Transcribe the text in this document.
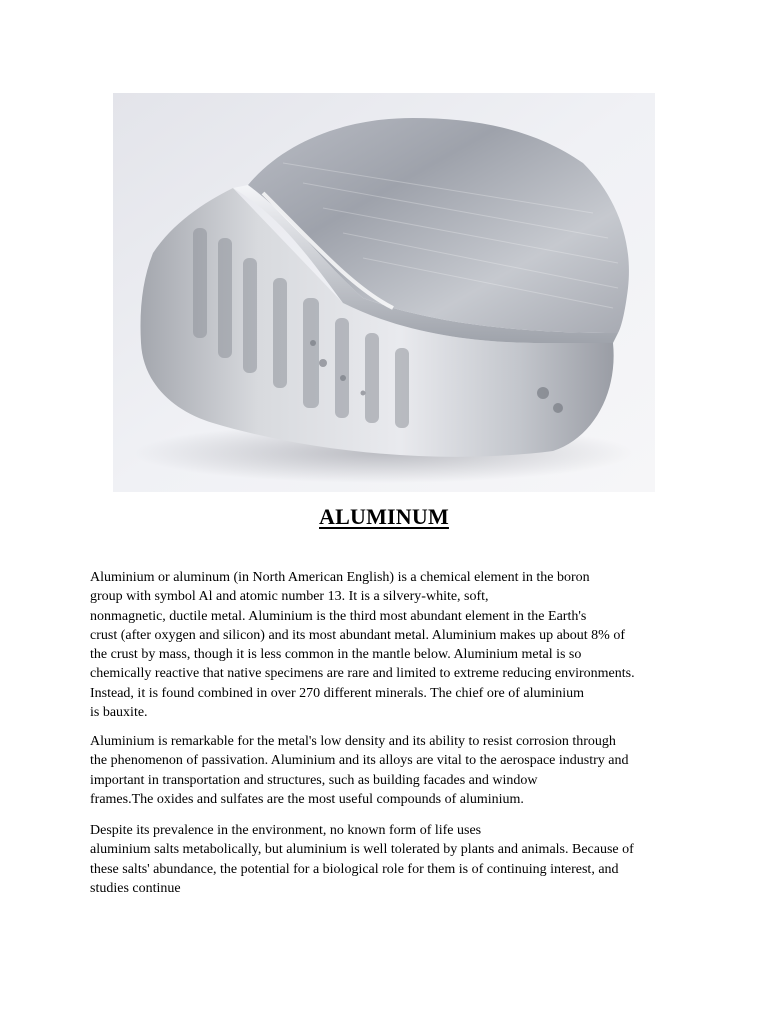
ALUMINUM
Aluminium or aluminum (in North American English) is a chemical element in the boron
group with symbol Al and atomic number 13. It is a silvery-white, soft,
nonmagnetic, ductile metal. Aluminium is the third most abundant element in the Earth's
crust (after oxygen and silicon) and its most abundant metal. Aluminium makes up about 8% of
the crust by mass, though it is less common in the mantle below. Aluminium metal is so
chemically reactive that native specimens are rare and limited to extreme reducing environments.
Instead, it is found combined in over 270 different minerals. The chief ore of aluminium
is bauxite.
Aluminium is remarkable for the metal's low density and its ability to resist corrosion through
the phenomenon of passivation. Aluminium and its alloys are vital to the aerospace industry and
important in transportation and structures, such as building facades and window
frames.The oxides and sulfates are the most useful compounds of aluminium.
Despite its prevalence in the environment, no known form of life uses
aluminium salts metabolically, but aluminium is well tolerated by plants and animals. Because of
these salts' abundance, the potential for a biological role for them is of continuing interest, and
studies continue
